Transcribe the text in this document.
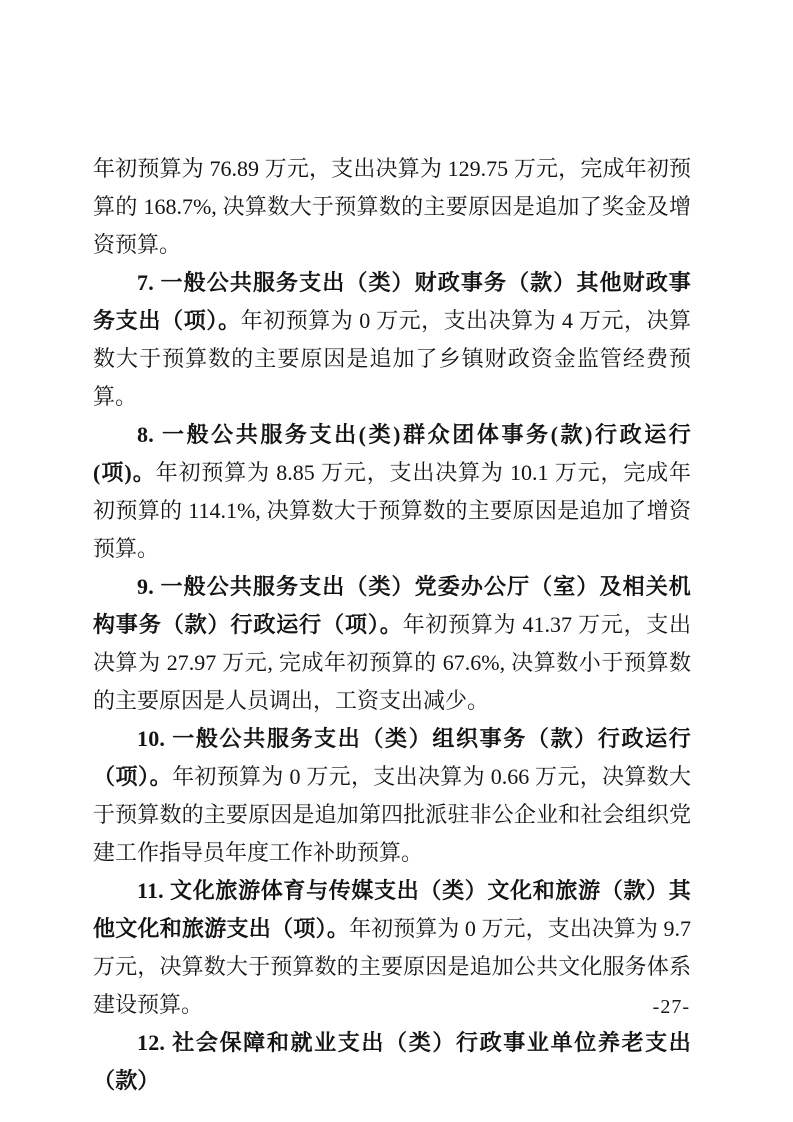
年初预算为 76.89 万元，支出决算为 129.75 万元，完成年初预算的 168.7%, 决算数大于预算数的主要原因是追加了奖金及增资预算。

7. 一般公共服务支出（类）财政事务（款）其他财政事务支出（项）。年初预算为 0 万元，支出决算为 4 万元，决算数大于预算数的主要原因是追加了乡镇财政资金监管经费预算。

8. 一般公共服务支出(类)群众团体事务(款)行政运行(项)。年初预算为 8.85 万元，支出决算为 10.1 万元，完成年初预算的 114.1%, 决算数大于预算数的主要原因是追加了增资预算。

9. 一般公共服务支出（类）党委办公厅（室）及相关机构事务（款）行政运行（项）。年初预算为 41.37 万元，支出决算为 27.97 万元, 完成年初预算的 67.6%, 决算数小于预算数的主要原因是人员调出，工资支出减少。

10. 一般公共服务支出（类）组织事务（款）行政运行（项）。年初预算为 0 万元，支出决算为 0.66 万元，决算数大于预算数的主要原因是追加第四批派驻非公企业和社会组织党建工作指导员年度工作补助预算。

11. 文化旅游体育与传媒支出（类）文化和旅游（款）其他文化和旅游支出（项）。年初预算为 0 万元，支出决算为 9.7 万元，决算数大于预算数的主要原因是追加公共文化服务体系建设预算。

12. 社会保障和就业支出（类）行政事业单位养老支出（款）

-27-
